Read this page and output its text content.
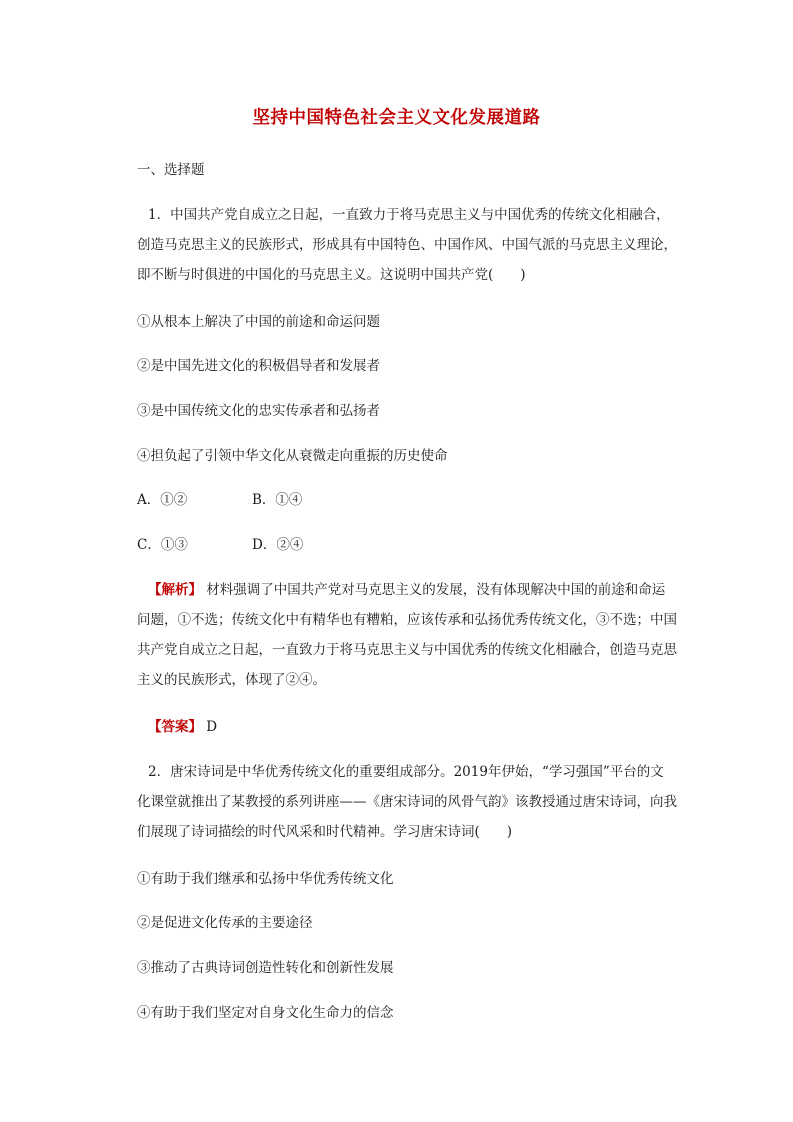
坚持中国特色社会主义文化发展道路
一、选择题
1．中国共产党自成立之日起，一直致力于将马克思主义与中国优秀的传统文化相融合，
创造马克思主义的民族形式，形成具有中国特色、中国作风、中国气派的马克思主义理论，
即不断与时俱进的中国化的马克思主义。这说明中国共产党(　　)
①从根本上解决了中国的前途和命运问题
②是中国先进文化的积极倡导者和发展者
③是中国传统文化的忠实传承者和弘扬者
④担负起了引领中华文化从衰微走向重振的历史使命
A．①②	B．①④
C．①③	D．②④
【解析】 材料强调了中国共产党对马克思主义的发展，没有体现解决中国的前途和命运
问题，①不选；传统文化中有精华也有糟粕，应该传承和弘扬优秀传统文化，③不选；中国
共产党自成立之日起，一直致力于将马克思主义与中国优秀的传统文化相融合，创造马克思
主义的民族形式，体现了②④。
【答案】 D
2．唐宋诗词是中华优秀传统文化的重要组成部分。2019年伊始，“学习强国”平台的文
化课堂就推出了某教授的系列讲座——《唐宋诗词的风骨气韵》该教授通过唐宋诗词，向我
们展现了诗词描绘的时代风采和时代精神。学习唐宋诗词(　　)
①有助于我们继承和弘扬中华优秀传统文化
②是促进文化传承的主要途径
③推动了古典诗词创造性转化和创新性发展
④有助于我们坚定对自身文化生命力的信念
